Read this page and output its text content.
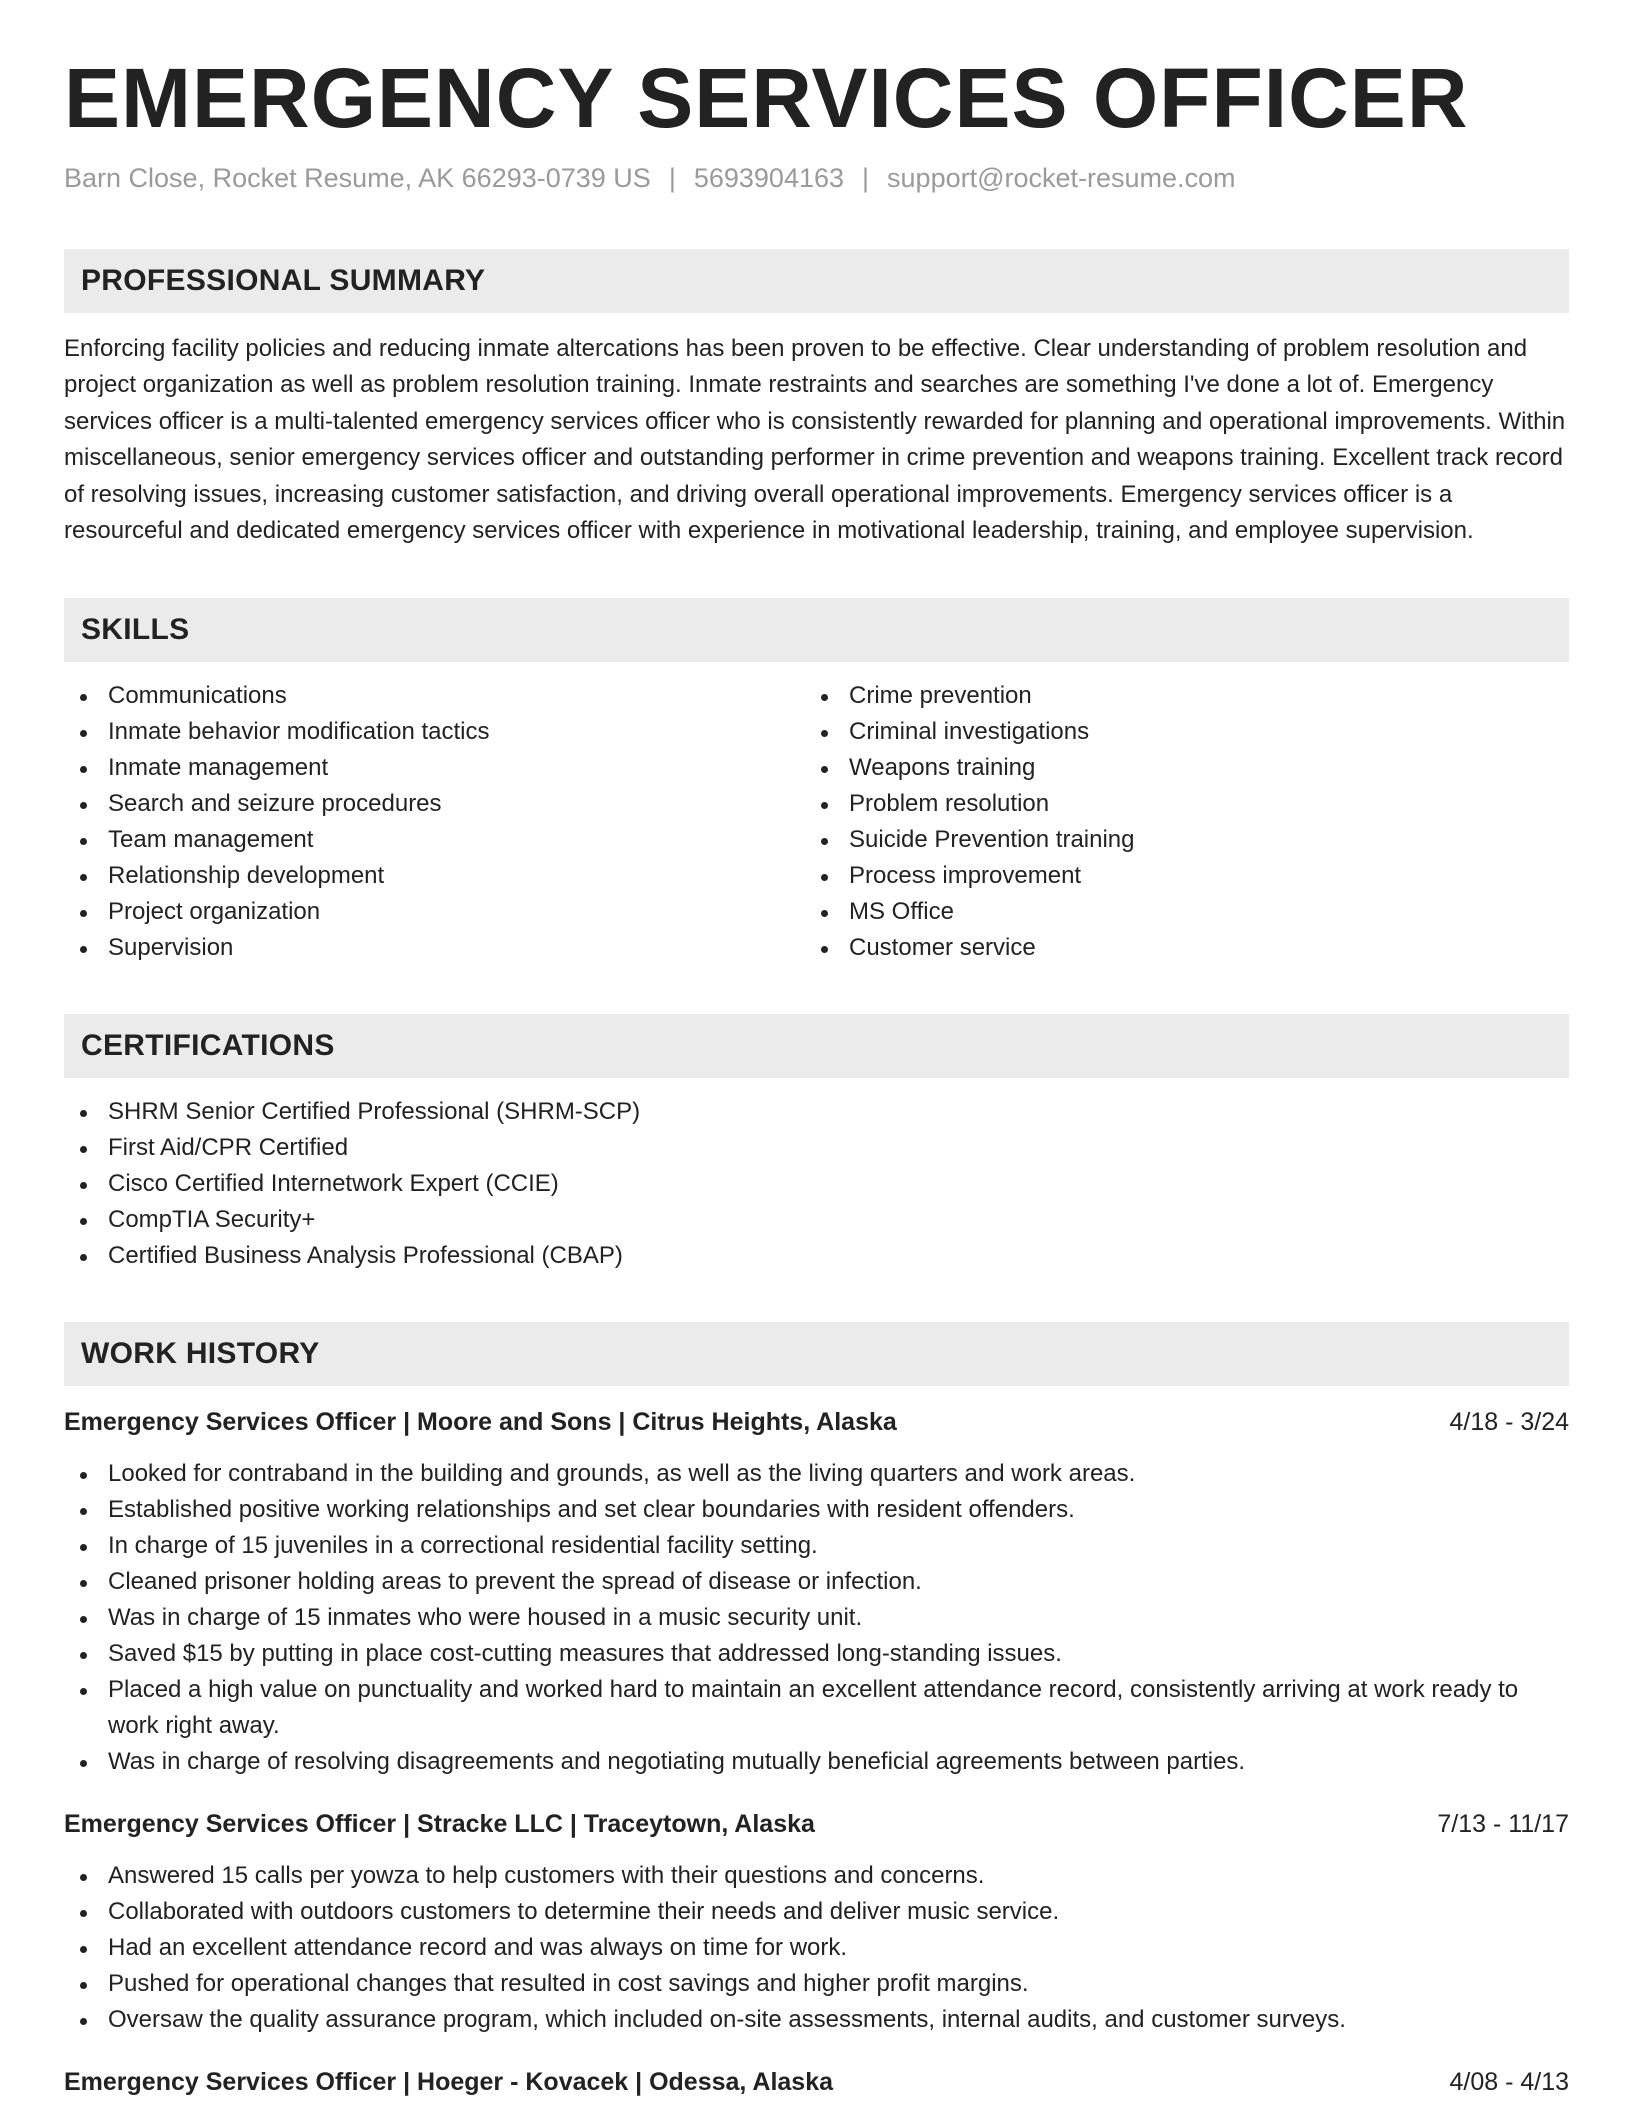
EMERGENCY SERVICES OFFICER
Barn Close, Rocket Resume, AK 66293-0739 US | 5693904163 | support@rocket-resume.com
PROFESSIONAL SUMMARY
Enforcing facility policies and reducing inmate altercations has been proven to be effective. Clear understanding of problem resolution and project organization as well as problem resolution training. Inmate restraints and searches are something I've done a lot of. Emergency services officer is a multi-talented emergency services officer who is consistently rewarded for planning and operational improvements. Within miscellaneous, senior emergency services officer and outstanding performer in crime prevention and weapons training. Excellent track record of resolving issues, increasing customer satisfaction, and driving overall operational improvements. Emergency services officer is a resourceful and dedicated emergency services officer with experience in motivational leadership, training, and employee supervision.
SKILLS
Communications
Inmate behavior modification tactics
Inmate management
Search and seizure procedures
Team management
Relationship development
Project organization
Supervision
Crime prevention
Criminal investigations
Weapons training
Problem resolution
Suicide Prevention training
Process improvement
MS Office
Customer service
CERTIFICATIONS
SHRM Senior Certified Professional (SHRM-SCP)
First Aid/CPR Certified
Cisco Certified Internetwork Expert (CCIE)
CompTIA Security+
Certified Business Analysis Professional (CBAP)
WORK HISTORY
Emergency Services Officer | Moore and Sons | Citrus Heights, Alaska	4/18 - 3/24
Looked for contraband in the building and grounds, as well as the living quarters and work areas.
Established positive working relationships and set clear boundaries with resident offenders.
In charge of 15 juveniles in a correctional residential facility setting.
Cleaned prisoner holding areas to prevent the spread of disease or infection.
Was in charge of 15 inmates who were housed in a music security unit.
Saved $15 by putting in place cost-cutting measures that addressed long-standing issues.
Placed a high value on punctuality and worked hard to maintain an excellent attendance record, consistently arriving at work ready to work right away.
Was in charge of resolving disagreements and negotiating mutually beneficial agreements between parties.
Emergency Services Officer | Stracke LLC | Traceytown, Alaska	7/13 - 11/17
Answered 15 calls per yowza to help customers with their questions and concerns.
Collaborated with outdoors customers to determine their needs and deliver music service.
Had an excellent attendance record and was always on time for work.
Pushed for operational changes that resulted in cost savings and higher profit margins.
Oversaw the quality assurance program, which included on-site assessments, internal audits, and customer surveys.
Emergency Services Officer | Hoeger - Kovacek | Odessa, Alaska	4/08 - 4/13
